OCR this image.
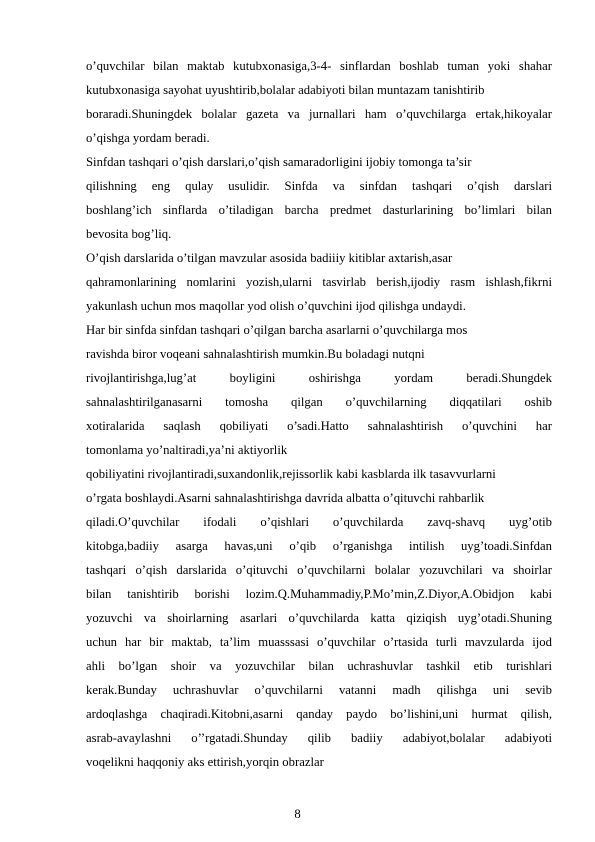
o’quvchilar bilan maktab kutubxonasiga,3-4- sinflardan boshlab tuman yoki shahar
kutubxonasiga sayohat uyushtirib,bolalar adabiyoti bilan muntazam tanishtirib
boraradi.Shuningdek bolalar gazeta va jurnallari ham o’quvchilarga ertak,hikoyalar
o’qishga yordam beradi.
Sinfdan tashqari o’qish darslari,o’qish samaradorligini ijobiy tomonga ta’sir
qilishning eng qulay usulidir. Sinfda va sinfdan tashqari o’qish darslari
boshlang’ich sinflarda o’tiladigan barcha predmet dasturlarining bo’limlari bilan
bevosita bog’liq.
O’qish darslarida o’tilgan mavzular asosida badiiiy kitiblar axtarish,asar
qahramonlarining nomlarini yozish,ularni tasvirlab berish,ijodiy rasm ishlash,fikrni
yakunlash uchun mos maqollar yod olish o’quvchini ijod qilishga undaydi.
Har bir sinfda sinfdan tashqari o’qilgan barcha asarlarni o’quvchilarga mos
ravishda biror voqeani sahnalashtirish mumkin.Bu boladagi nutqni
rivojlantirishga,lug’at boyligini oshirishga yordam beradi.Shungdek
sahnalashtirilganasarni tomosha qilgan o’quvchilarning diqqatilari oshib
xotiralarida saqlash qobiliyati o’sadi.Hatto sahnalashtirish o’quvchini har
tomonlama yo’naltiradi,ya’ni aktiyorlik
qobiliyatini rivojlantiradi,suxandonlik,rejissorlik kabi kasblarda ilk tasavvurlarni
o’rgata boshlaydi.Asarni sahnalashtirishga davrida albatta o’qituvchi rahbarlik
qiladi.O’quvchilar ifodali o’qishlari o’quvchilarda zavq-shavq uyg’otib
kitobga,badiiy asarga havas,uni o’qib o’rganishga intilish uyg’toadi.Sinfdan
tashqari o’qish darslarida o’qituvchi o’quvchilarni bolalar yozuvchilari va shoirlar
bilan tanishtirib borishi lozim.Q.Muhammadiy,P.Mo’min,Z.Diyor,A.Obidjon kabi
yozuvchi va shoirlarning asarlari o’quvchilarda katta qiziqish uyg’otadi.Shuning
uchun har bir maktab, ta’lim muasssasi o’quvchilar o’rtasida turli mavzularda ijod
ahli bo’lgan shoir va yozuvchilar bilan uchrashuvlar tashkil etib turishlari
kerak.Bunday uchrashuvlar o’quvchilarni vatanni madh qilishga uni sevib
ardoqlashga chaqiradi.Kitobni,asarni qanday paydo bo’lishini,uni hurmat qilish,
asrab-avaylashni o’’rgatadi.Shunday qilib badiiy adabiyot,bolalar adabiyoti
voqelikni haqqoniy aks ettirish,yorqin obrazlar
8
